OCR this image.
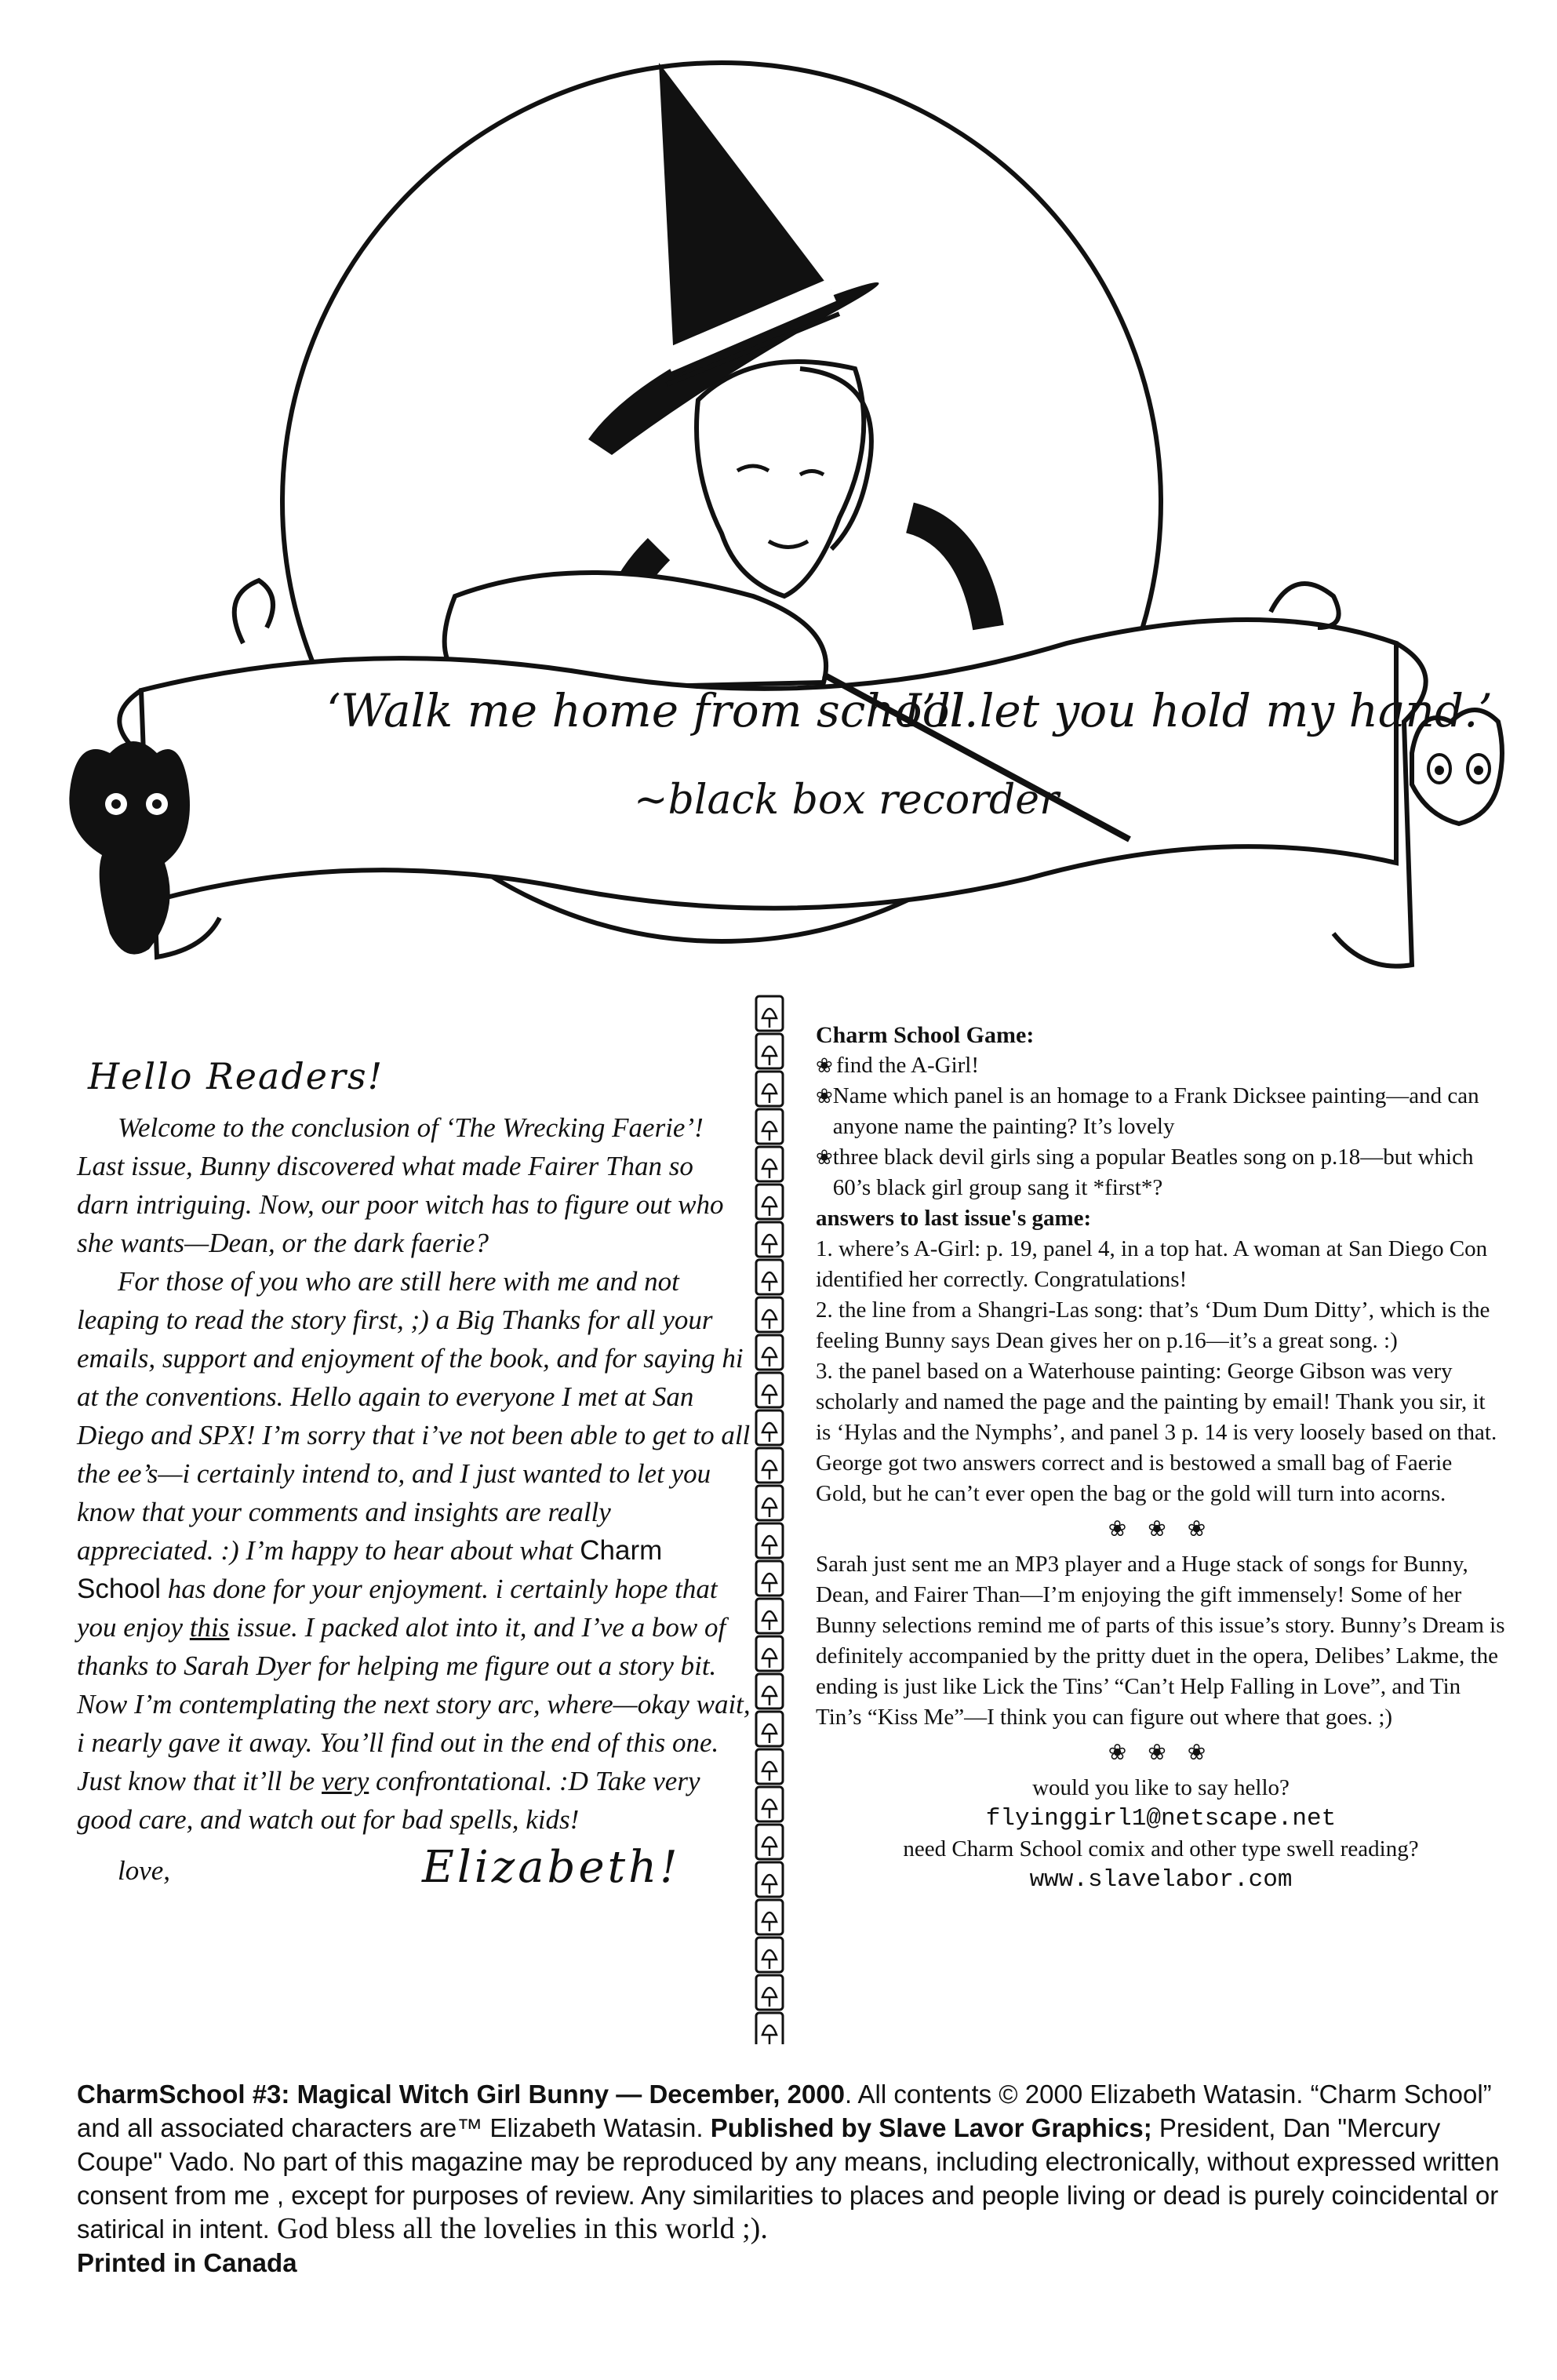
‘Walk me home from school.
I’ll let you hold my hand.’
~black box recorder
Hello Readers!

Welcome to the conclusion of ‘The Wrecking Faerie’! Last issue, Bunny discovered what made Fairer Than so darn intriguing. Now, our poor witch has to figure out who she wants—Dean, or the dark faerie?

For those of you who are still here with me and not leaping to read the story first, ;) a Big Thanks for all your emails, support and enjoyment of the book, and for saying hi at the conventions. Hello again to everyone I met at San Diego and SPX! I’m sorry that i’ve not been able to get to all the ee’s—i certainly intend to, and I just wanted to let you know that your comments and insights are really appreciated. :) I’m happy to hear about what Charm School has done for your enjoyment. i certainly hope that you enjoy this issue. I packed alot into it, and I’ve a bow of thanks to Sarah Dyer for helping me figure out a story bit. Now I’m contemplating the next story arc, where—okay wait, i nearly gave it away. You’ll find out in the end of this one. Just know that it’ll be very confrontational. :D Take very good care, and watch out for bad spells, kids!

love,	Elizabeth!
Charm School Game:
❀ find the A-Girl!
❀ Name which panel is an homage to a Frank Dicksee painting—and can anyone name the painting? It’s lovely
❀ three black devil girls sing a popular Beatles song on p.18—but which 60’s black girl group sang it *first*?
answers to last issue's game:

1. where’s A-Girl: p. 19, panel 4, in a top hat. A woman at San Diego Con identified her correctly. Congratulations!

2. the line from a Shangri-Las song: that’s ‘Dum Dum Ditty’, which is the feeling Bunny says Dean gives her on p.16—it’s a great song. :)

3. the panel based on a Waterhouse painting: George Gibson was very scholarly and named the page and the painting by email! Thank you sir, it is ‘Hylas and the Nymphs’, and panel 3 p. 14 is very loosely based on that. George got two answers correct and is bestowed a small bag of Faerie Gold, but he can’t ever open the bag or the gold will turn into acorns.

❀ ❀ ❀

Sarah just sent me an MP3 player and a Huge stack of songs for Bunny, Dean, and Fairer Than—I’m enjoying the gift immensely! Some of her Bunny selections remind me of parts of this issue’s story. Bunny’s Dream is definitely accompanied by the pritty duet in the opera, Delibes’ Lakme, the ending is just like Lick the Tins’ “Can’t Help Falling in Love”, and Tin Tin’s “Kiss Me”—I think you can figure out where that goes. ;)

❀ ❀ ❀
would you like to say hello?
flyinggirl1@netscape.net
need Charm School comix and other type swell reading?
www.slavelabor.com
CharmSchool #3: Magical Witch Girl Bunny — December, 2000. All contents © 2000 Elizabeth Watasin. “Charm School” and all associated characters are™ Elizabeth Watasin. Published by Slave Lavor Graphics; President, Dan "Mercury Coupe" Vado. No part of this magazine may be reproduced by any means, including electronically, without expressed written consent from me , except for purposes of review. Any similarities to places and people living or dead is purely coincidental or satirical in intent. God bless all the lovelies in this world ;).
Printed in Canada
